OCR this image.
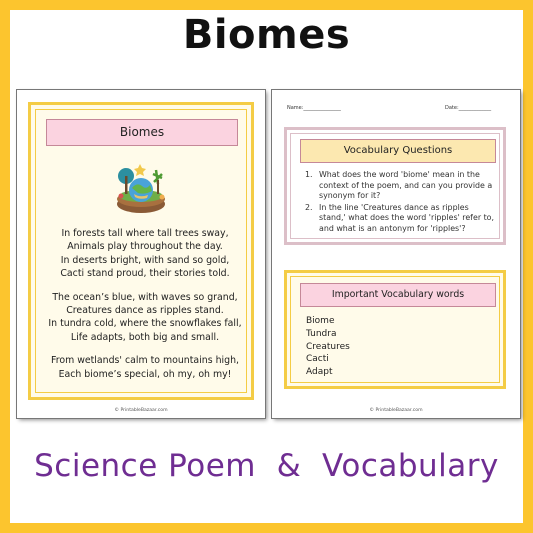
Biomes
Biomes
In forests tall where tall trees sway,
Animals play throughout the day.
In deserts bright, with sand so gold,
Cacti stand proud, their stories told.
The ocean’s blue, with waves so grand,
Creatures dance as ripples stand.
In tundra cold, where the snowflakes fall,
Life adapts, both big and small.
From wetlands' calm to mountains high,
Each biome’s special, oh my, oh my!
© PrintableBazaar.com
Name:_______________	Date:_____________
Vocabulary Questions
1. What does the word 'biome' mean in the context of the poem, and can you provide a synonym for it?
2. In the line 'Creatures dance as ripples stand,' what does the word 'ripples' refer to, and what is an antonym for 'ripples'?
Important Vocabulary words
Biome
Tundra
Creatures
Cacti
Adapt
© PrintableBazaar.com
Science Poem  &  Vocabulary
